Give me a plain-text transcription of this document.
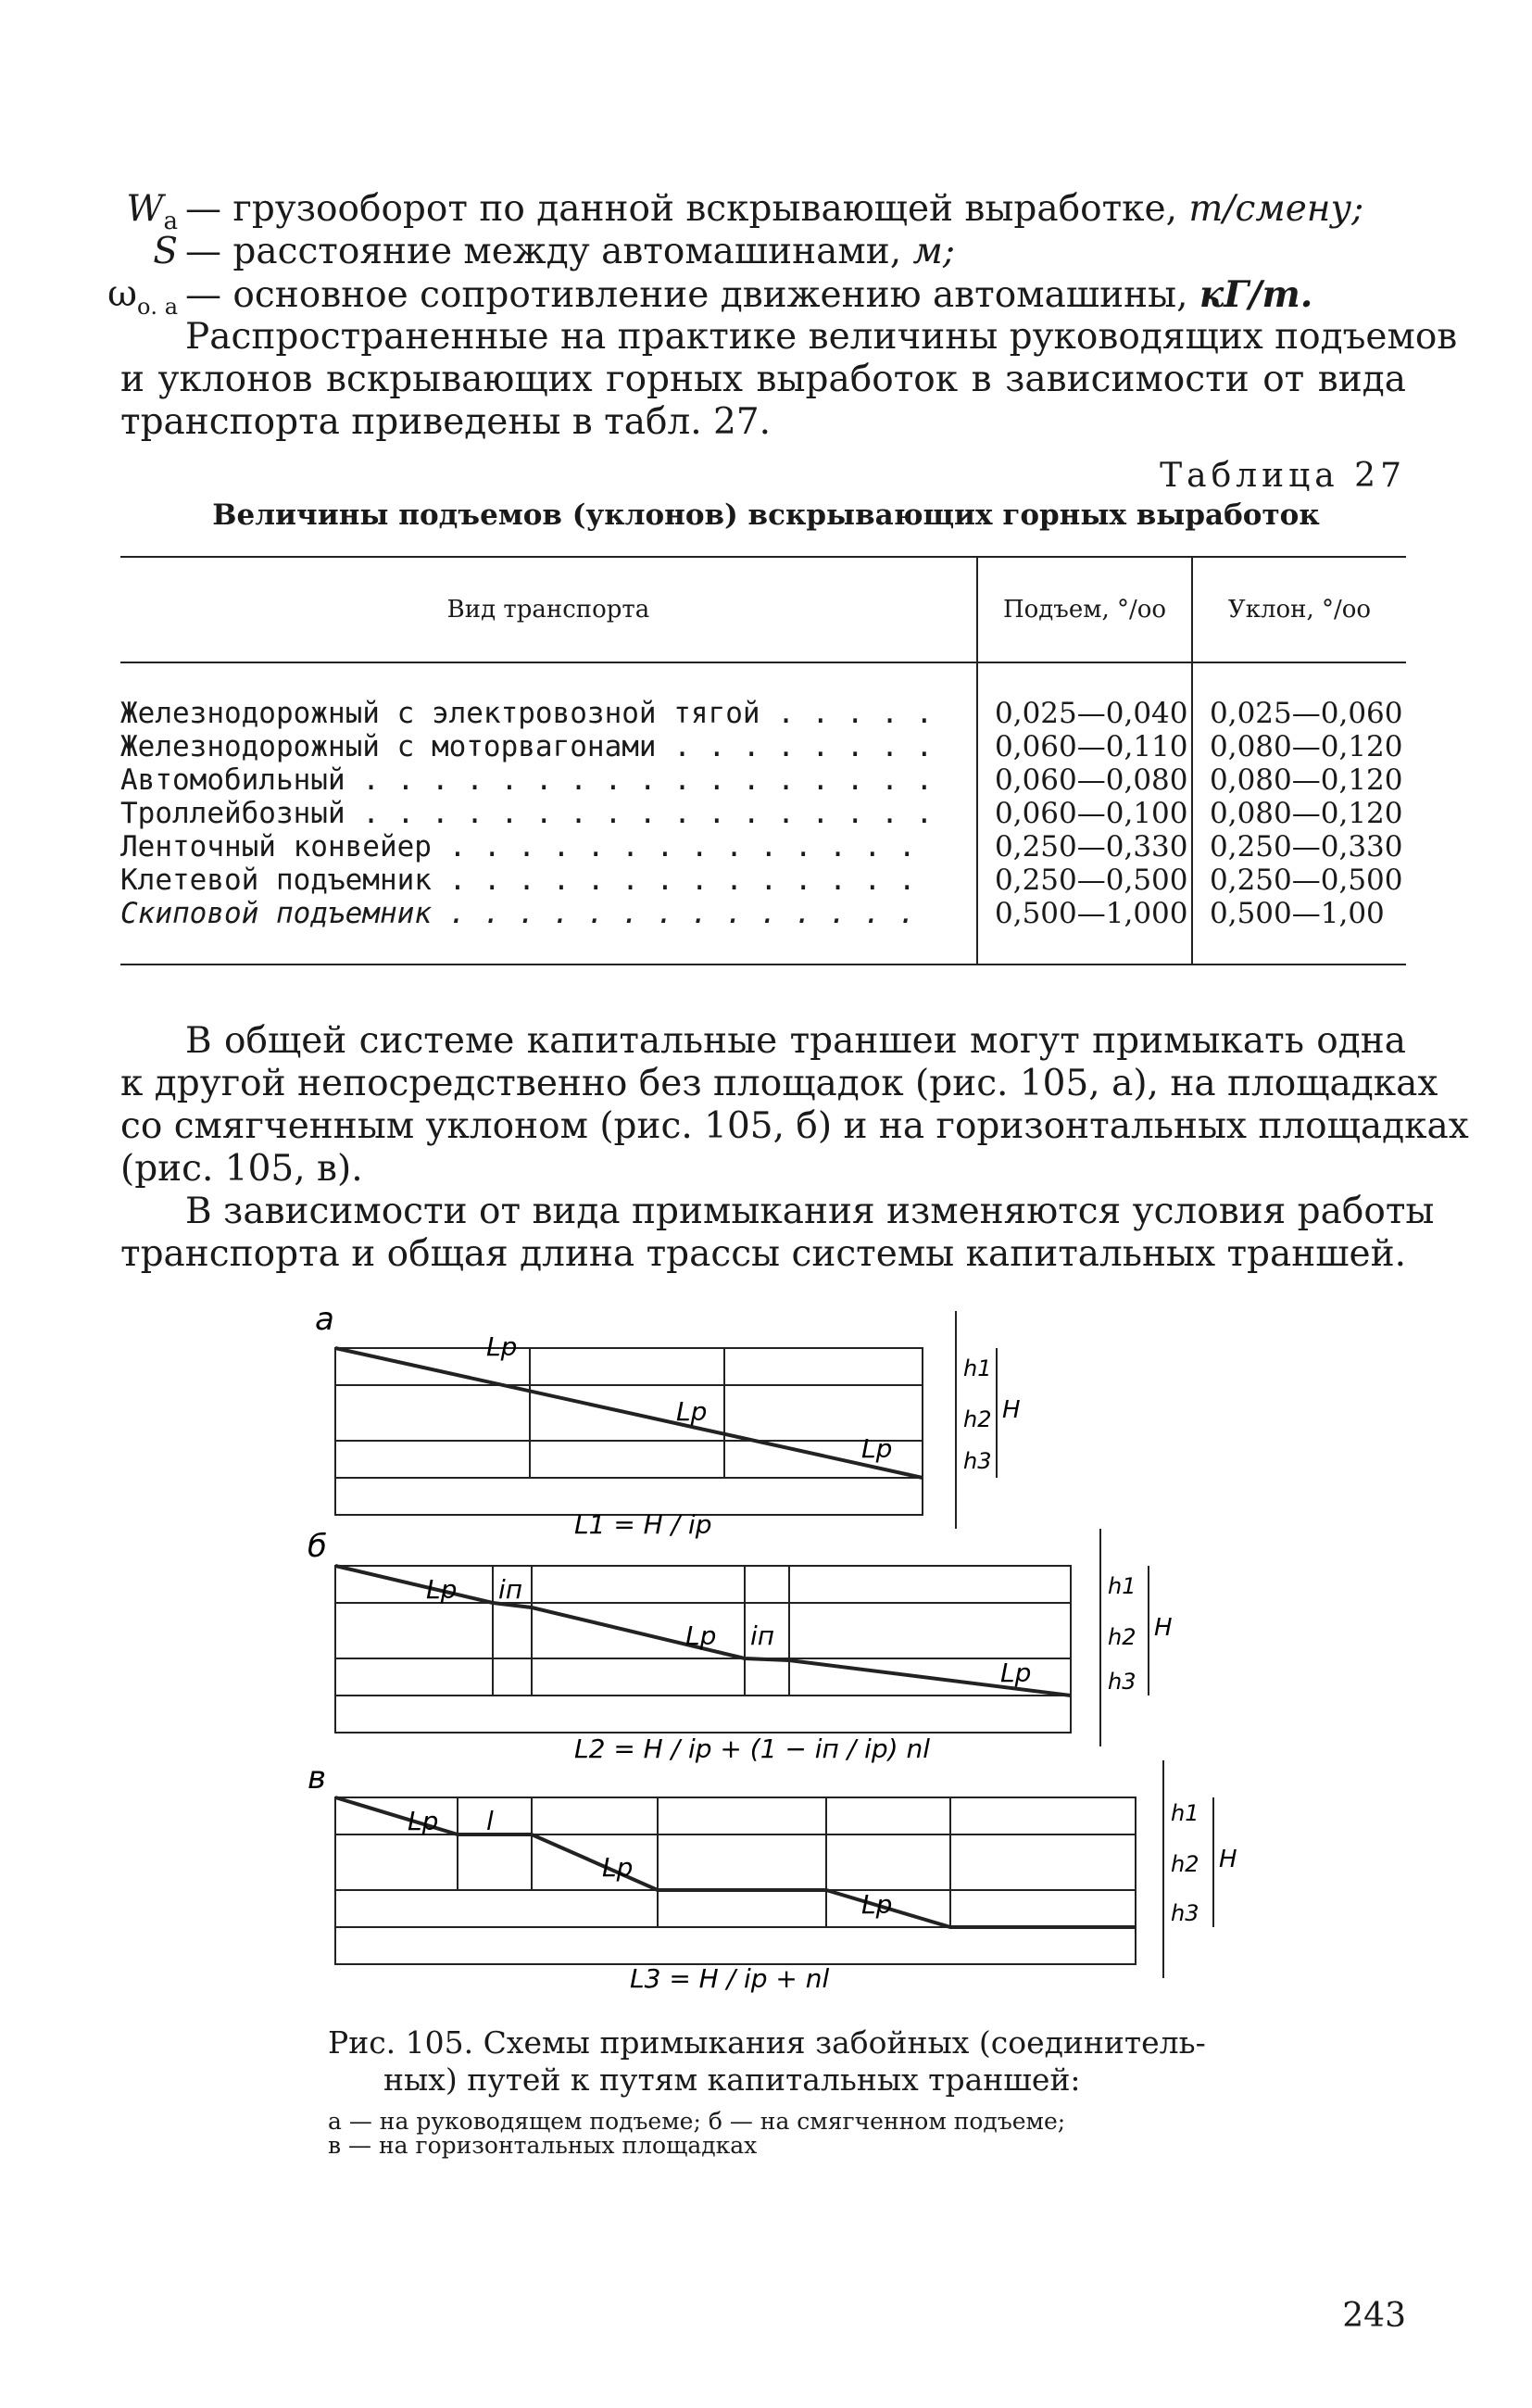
$W_а$ — грузооборот по данной вскрывающей выработке, т/смену;
S — расстояние между автомашинами, м;
$\omega_{о. а}$ — основное сопротивление движению автомашины, кГ/т.
Распространенные на практике величины руководящих подъемов
и уклонов вскрывающих горных выработок в зависимости от вида
транспорта приведены в табл. 27.
Таблица 27
Величины подъемов (уклонов) вскрывающих горных выработок
Вид транспорта	Подъем, °/oo	Уклон, °/oo

Железнодорожный с электровозной тягой . . . . .	0,025—0,040	0,025—0,060
Железнодорожный с моторвагонами . . . . . . . .	0,060—0,110	0,080—0,120
Автомобильный . . . . . . . . . . . . . . . . .	0,060—0,080	0,080—0,120
Троллейбозный . . . . . . . . . . . . . . . . .	0,060—0,100	0,080—0,120
Ленточный конвейер . . . . . . . . . . . . . .	0,250—0,330	0,250—0,330
Клетевой подъемник . . . . . . . . . . . . . .	0,250—0,500	0,250—0,500
Скиповой подъемник . . . . . . . . . . . . . .	0,500—1,000	0,500—1,00

В общей системе капитальные траншеи могут примыкать одна
к другой непосредственно без площадок (рис. 105, а), на площадках
со смягченным уклоном (рис. 105, б) и на горизонтальных площадках
(рис. 105, в).
В зависимости от вида примыкания изменяются условия работы
транспорта и общая длина трассы системы капитальных траншей.
а
б
в
Lp
Lp
Lp
h1
h2
h3
H
L1 = H / ip
Lp iп
Lp iп
Lp
h1
h2
h3
H
L2 = H / ip + (1 − iп / ip) nl
Lp l
Lp
Lp
h1
h2
h3
H
L3 = H / ip + nl
Рис. 105. Схемы примыкания забойных (соединитель-
ных) путей к путям капитальных траншей:
а — на руководящем подъеме; б — на смягченном подъеме;
в — на горизонтальных площадках
243
